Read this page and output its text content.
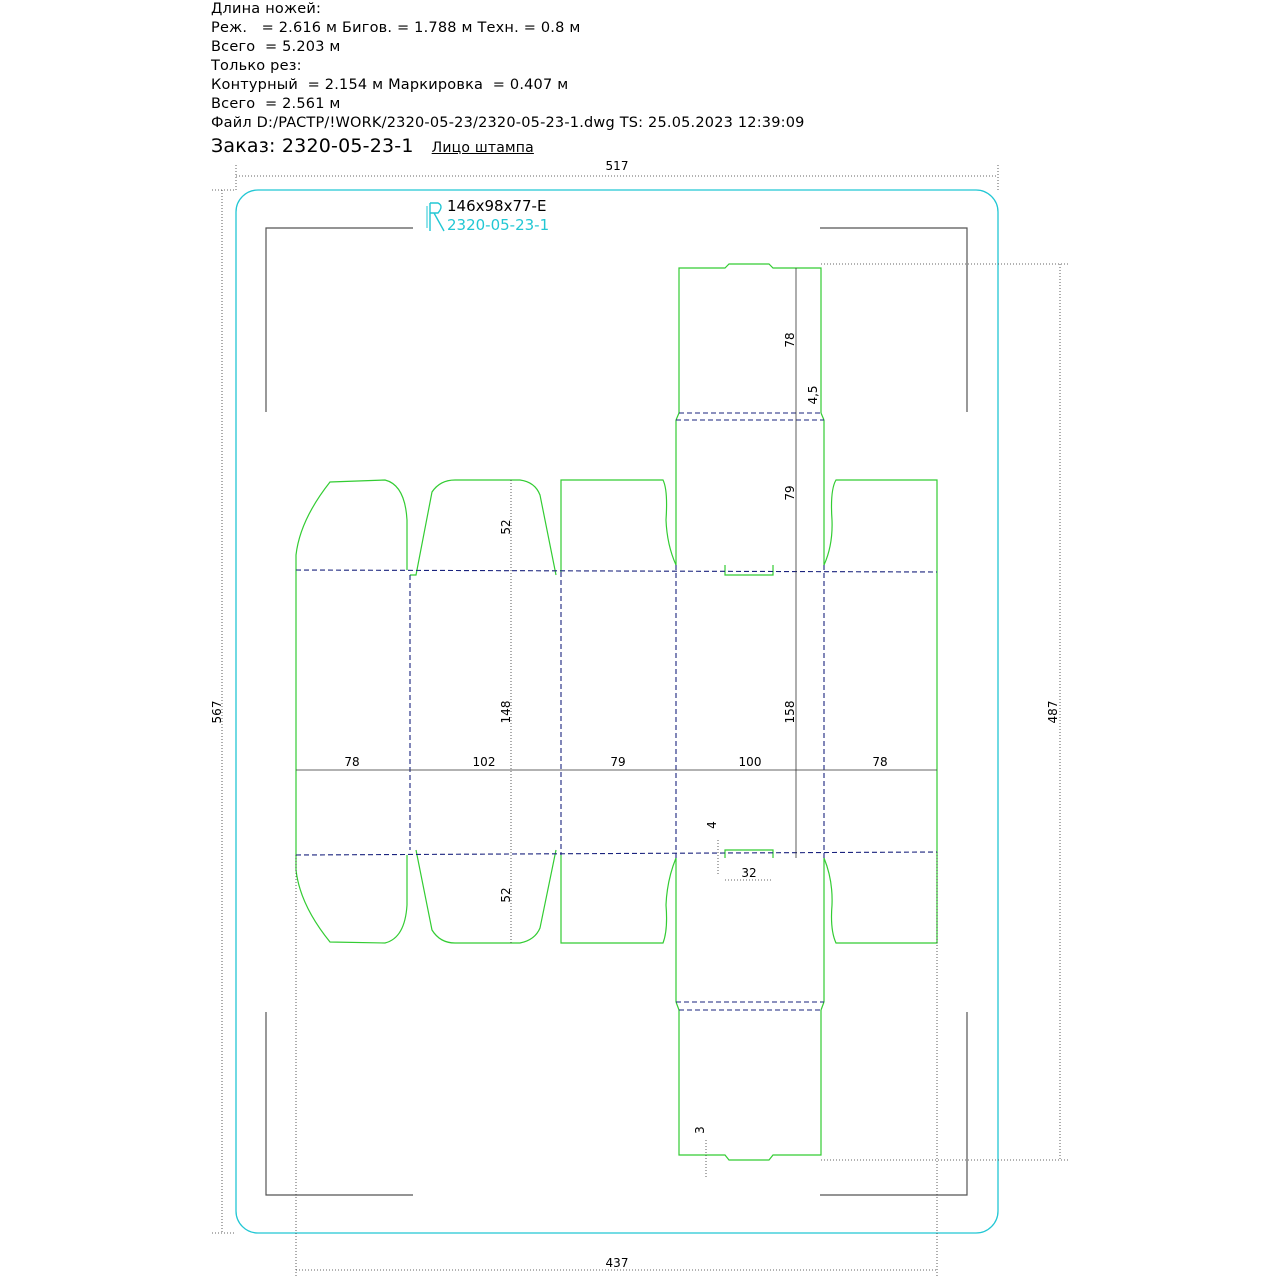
Длина ножей:
Реж.   = 2.616 м Бигов. = 1.788 м Техн. = 0.8 м
Всего  = 5.203 м
Только рез:
Контурный  = 2.154 м Маркировка  = 0.407 м
Всего  = 2.561 м
Файл D:/PACTP/!WORK/2320-05-23/2320-05-23-1.dwg TS: 25.05.2023 12:39:09
Заказ: 2320-05-23-1 Лицо штампа
146x98x77-E
2320-05-23-1
517
567
437
487
78	102	79	100	78
52
148
52
78
4,5
79
158
4
32
3
